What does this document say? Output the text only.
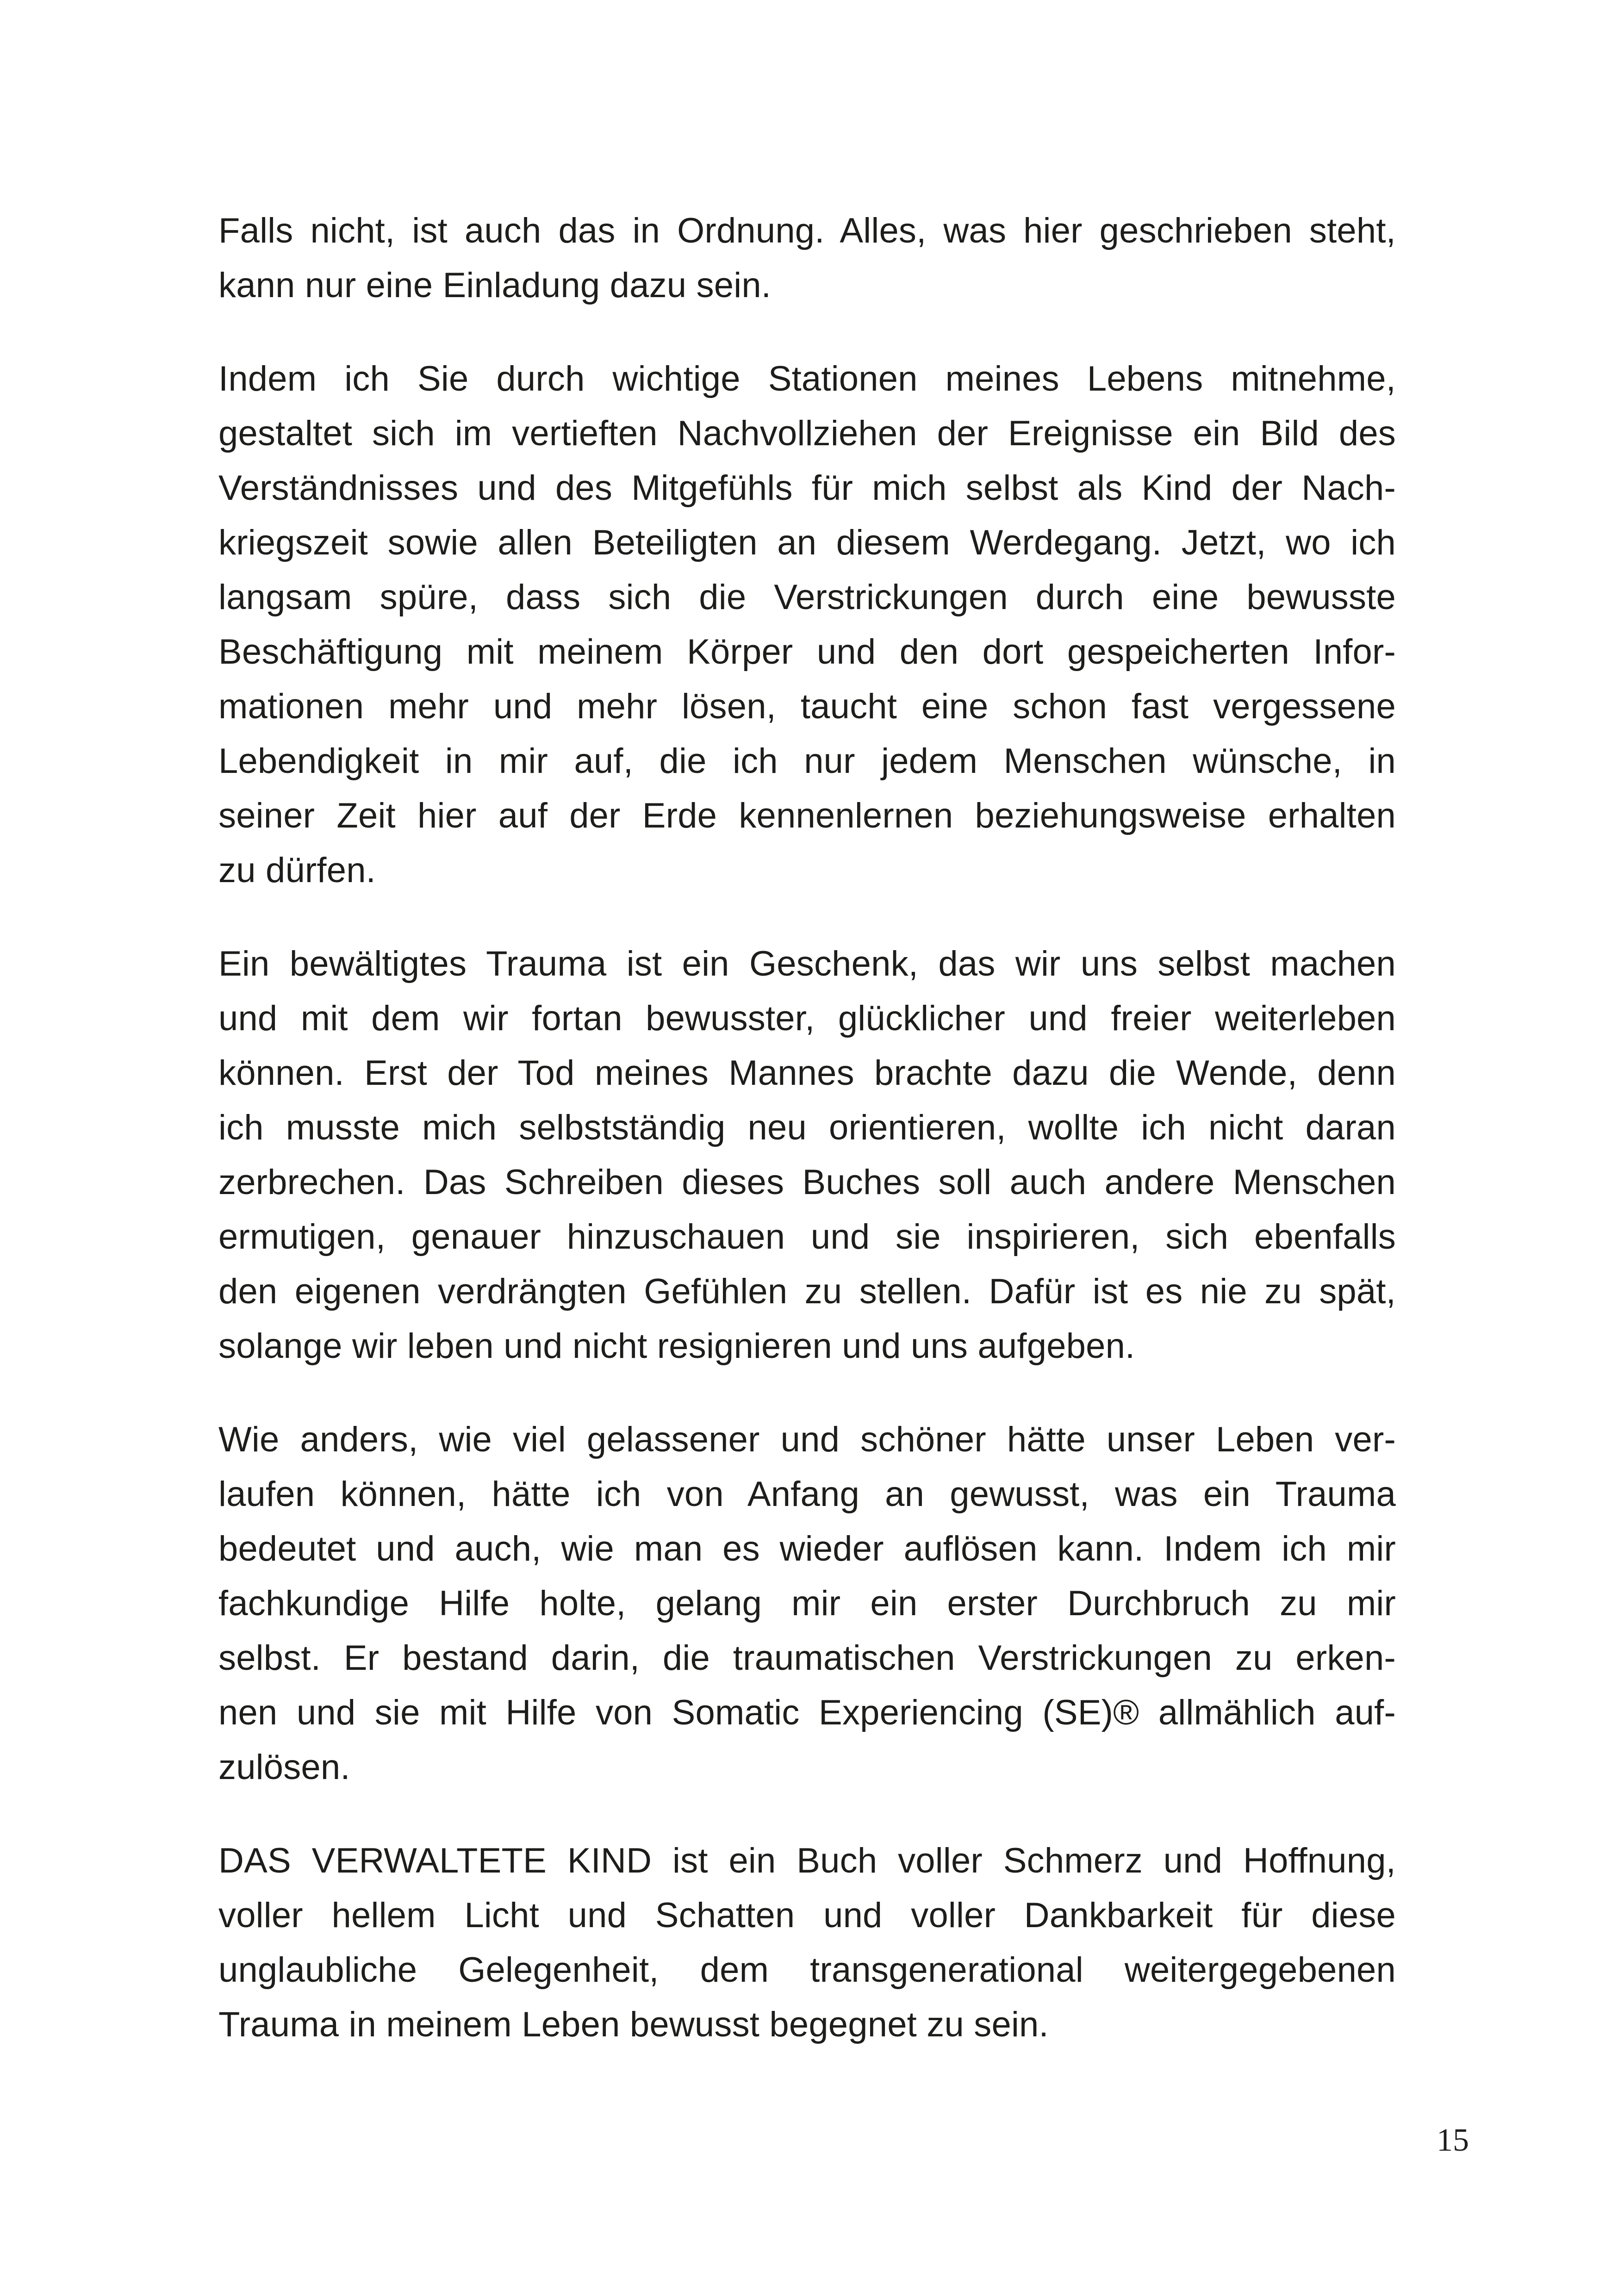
Falls nicht, ist auch das in Ordnung. Alles, was hier geschrieben steht,
kann nur eine Einladung dazu sein.

Indem ich Sie durch wichtige Stationen meines Lebens mitnehme,
gestaltet sich im vertieften Nachvollziehen der Ereignisse ein Bild des
Verständnisses und des Mitgefühls für mich selbst als Kind der Nach-
kriegszeit sowie allen Beteiligten an diesem Werdegang. Jetzt, wo ich
langsam spüre, dass sich die Verstrickungen durch eine bewusste
Beschäftigung mit meinem Körper und den dort gespeicherten Infor-
mationen mehr und mehr lösen, taucht eine schon fast vergessene
Lebendigkeit in mir auf, die ich nur jedem Menschen wünsche, in
seiner Zeit hier auf der Erde kennenlernen beziehungsweise erhalten
zu dürfen.

Ein bewältigtes Trauma ist ein Geschenk, das wir uns selbst machen
und mit dem wir fortan bewusster, glücklicher und freier weiterleben
können. Erst der Tod meines Mannes brachte dazu die Wende, denn
ich musste mich selbstständig neu orientieren, wollte ich nicht daran
zerbrechen. Das Schreiben dieses Buches soll auch andere Menschen
ermutigen, genauer hinzuschauen und sie inspirieren, sich ebenfalls
den eigenen verdrängten Gefühlen zu stellen. Dafür ist es nie zu spät,
solange wir leben und nicht resignieren und uns aufgeben.

Wie anders, wie viel gelassener und schöner hätte unser Leben ver-
laufen können, hätte ich von Anfang an gewusst, was ein Trauma
bedeutet und auch, wie man es wieder auflösen kann. Indem ich mir
fachkundige Hilfe holte, gelang mir ein erster Durchbruch zu mir
selbst. Er bestand darin, die traumatischen Verstrickungen zu erken-
nen und sie mit Hilfe von Somatic Experiencing (SE)® allmählich auf-
zulösen.

DAS VERWALTETE KIND ist ein Buch voller Schmerz und Hoffnung,
voller hellem Licht und Schatten und voller Dankbarkeit für diese
unglaubliche Gelegenheit, dem transgenerational weitergegebenen
Trauma in meinem Leben bewusst begegnet zu sein.

15
